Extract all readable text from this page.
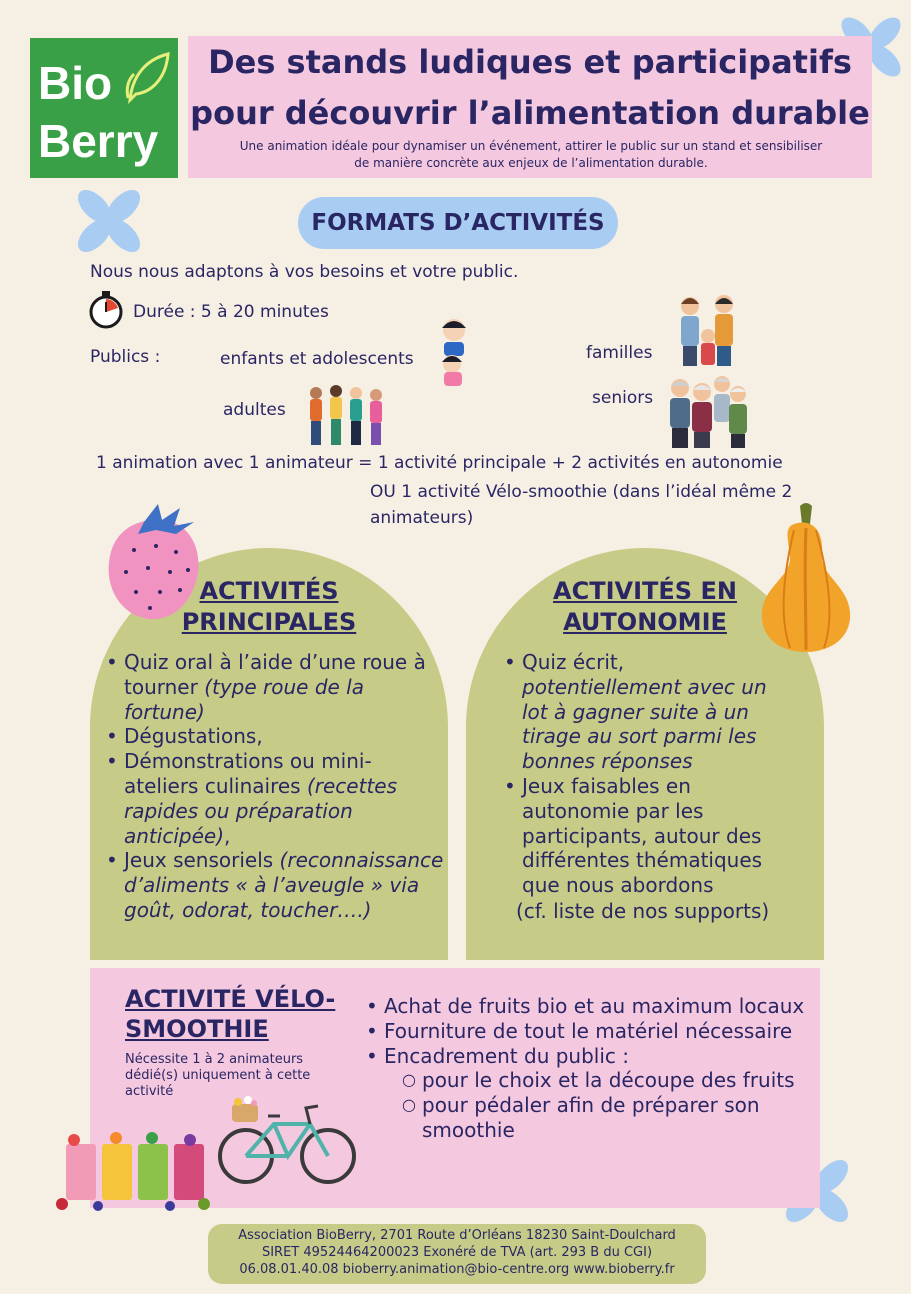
Bio
Berry
Des stands ludiques et participatifs
pour découvrir l’alimentation durable
Une animation idéale pour dynamiser un événement, attirer le public sur un stand et sensibiliser
de manière concrète aux enjeux de l’alimentation durable.
FORMATS D’ACTIVITÉS
Nous nous adaptons à vos besoins et votre public.
Durée : 5 à 20 minutes
Publics :	enfants et adolescents	familles
adultes
seniors
1 animation avec 1 animateur = 1 activité principale + 2 activités en autonomie
OU 1 activité Vélo-smoothie (dans l’idéal même 2
animateurs)
ACTIVITÉS
PRINCIPALES
• Quiz oral à l’aide d’une roue à tourner (type roue de la fortune)
• Dégustations,
• Démonstrations ou mini-ateliers culinaires (recettes rapides ou préparation anticipée),
• Jeux sensoriels (reconnaissance d’aliments « à l’aveugle » via goût, odorat, toucher….)
ACTIVITÉS EN
AUTONOMIE
• Quiz écrit, potentiellement avec un lot à gagner suite à un tirage au sort parmi les bonnes réponses
• Jeux faisables en autonomie par les participants, autour des différentes thématiques que nous abordons
(cf. liste de nos supports)
ACTIVITÉ VÉLO-
SMOOTHIE
Nécessite 1 à 2 animateurs dédié(s) uniquement à cette activité
• Achat de fruits bio et au maximum locaux
• Fourniture de tout le matériel nécessaire
• Encadrement du public :
○ pour le choix et la découpe des fruits
○ pour pédaler afin de préparer son smoothie
Association BioBerry, 2701 Route d’Orléans 18230 Saint-Doulchard
SIRET 49524464200023 Exonéré de TVA (art. 293 B du CGI)
06.08.01.40.08 bioberry.animation@bio-centre.org www.bioberry.fr
